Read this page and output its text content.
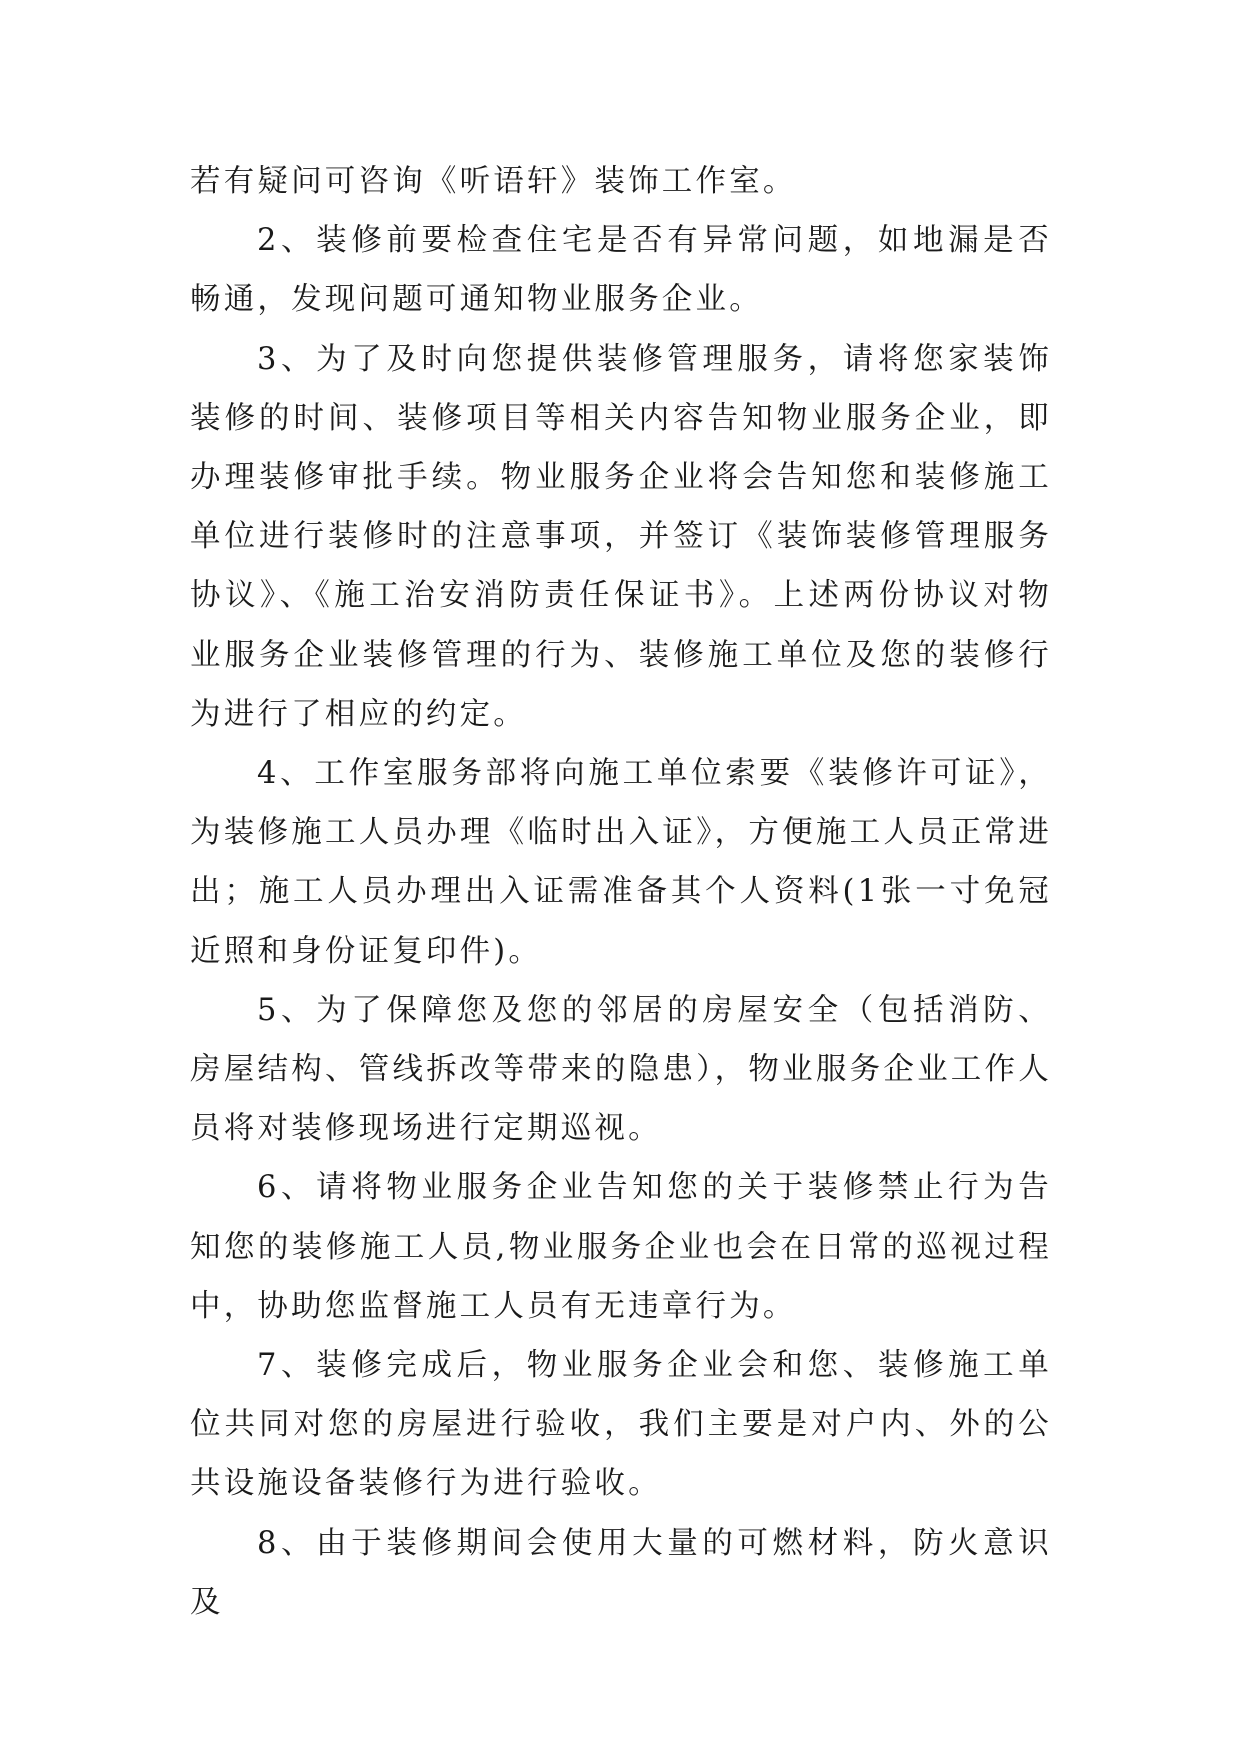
若有疑问可咨询《听语轩》装饰工作室。

2、装修前要检查住宅是否有异常问题，如地漏是否畅通，发现问题可通知物业服务企业。

3、为了及时向您提供装修管理服务，请将您家装饰装修的时间、装修项目等相关内容告知物业服务企业，即办理装修审批手续。物业服务企业将会告知您和装修施工单位进行装修时的注意事项，并签订《装饰装修管理服务协议》、《施工治安消防责任保证书》。上述两份协议对物业服务企业装修管理的行为、装修施工单位及您的装修行为进行了相应的约定。

4、工作室服务部将向施工单位索要《装修许可证》，为装修施工人员办理《临时出入证》，方便施工人员正常进出；施工人员办理出入证需准备其个人资料(1张一寸免冠近照和身份证复印件)。

5、为了保障您及您的邻居的房屋安全（包括消防、房屋结构、管线拆改等带来的隐患），物业服务企业工作人员将对装修现场进行定期巡视。

6、请将物业服务企业告知您的关于装修禁止行为告知您的装修施工人员,物业服务企业也会在日常的巡视过程中，协助您监督施工人员有无违章行为。

7、装修完成后，物业服务企业会和您、装修施工单位共同对您的房屋进行验收，我们主要是对户内、外的公共设施设备装修行为进行验收。

8、由于装修期间会使用大量的可燃材料，防火意识及
